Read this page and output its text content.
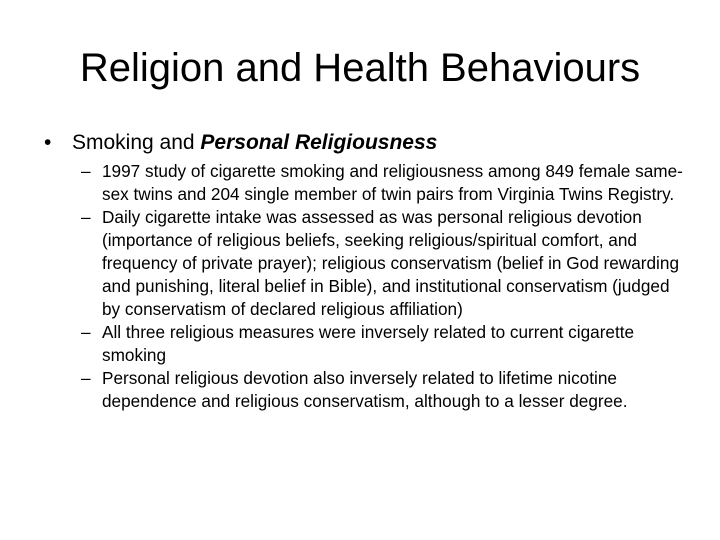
Religion and Health Behaviours
• Smoking and Personal Religiousness
– 1997 study of cigarette smoking and religiousness among 849 female same-sex twins and 204 single member of twin pairs from Virginia Twins Registry.
– Daily cigarette intake was assessed as was personal religious devotion (importance of religious beliefs, seeking religious/spiritual comfort, and frequency of private prayer); religious conservatism (belief in God rewarding and punishing, literal belief in Bible), and institutional conservatism (judged by conservatism of declared religious affiliation)
– All three religious measures were inversely related to current cigarette smoking
– Personal religious devotion also inversely related to lifetime nicotine dependence and religious conservatism, although to a lesser degree.
